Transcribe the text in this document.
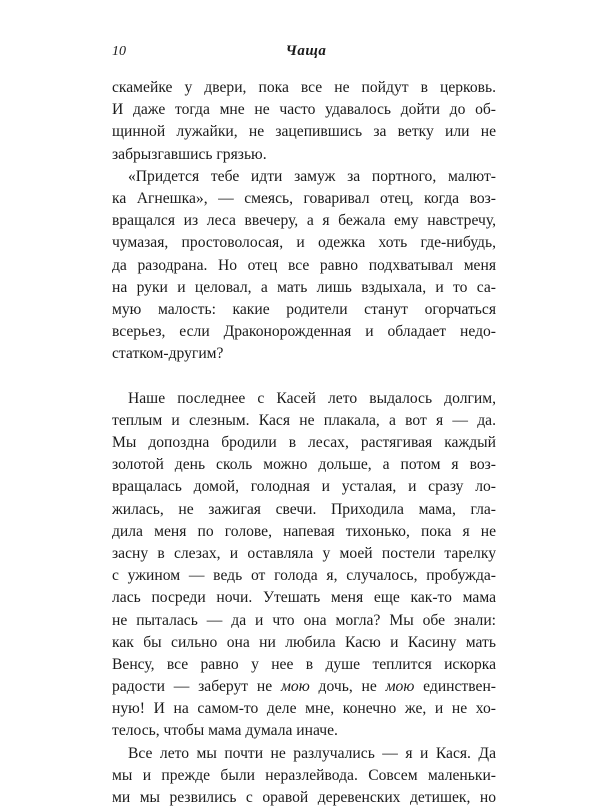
10	Чаща
скамейке у двери, пока все не пойдут в церковь.
И даже тогда мне не часто удавалось дойти до об-
щинной лужайки, не зацепившись за ветку или не
забрызгавшись грязью.
«Придется тебе идти замуж за портного, малют-
ка Агнешка», — смеясь, говаривал отец, когда воз-
вращался из леса ввечеру, а я бежала ему навстречу,
чумазая, простоволосая, и одежка хоть где-нибудь,
да разодрана. Но отец все равно подхватывал меня
на руки и целовал, а мать лишь вздыхала, и то са-
мую малость: какие родители станут огорчаться
всерьез, если Драконорожденная и обладает недо-
статком-другим?
Наше последнее с Касей лето выдалось долгим,
теплым и слезным. Кася не плакала, а вот я — да.
Мы допоздна бродили в лесах, растягивая каждый
золотой день сколь можно дольше, а потом я воз-
вращалась домой, голодная и усталая, и сразу ло-
жилась, не зажигая свечи. Приходила мама, гла-
дила меня по голове, напевая тихонько, пока я не
засну в слезах, и оставляла у моей постели тарелку
с ужином — ведь от голода я, случалось, пробужда-
лась посреди ночи. Утешать меня еще как-то мама
не пыталась — да и что она могла? Мы обе знали:
как бы сильно она ни любила Касю и Касину мать
Венсу, все равно у нее в душе теплится искорка
радости — заберут не мою дочь, не мою единствен-
ную! И на самом-то деле мне, конечно же, и не хо-
телось, чтобы мама думала иначе.
Все лето мы почти не разлучались — я и Кася. Да
мы и прежде были неразлейвода. Совсем маленьки-
ми мы резвились с оравой деревенских детишек, но
